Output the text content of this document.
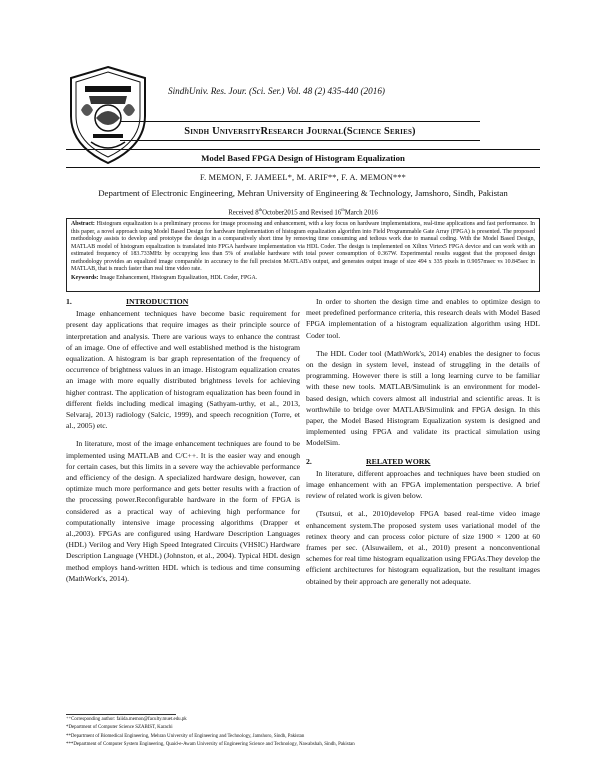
SindhUniv. Res. Jour. (Sci. Ser.) Vol. 48 (2) 435-440 (2016)
Sindh UniversityResearch Journal(Science Series)
Model Based FPGA Design of Histogram Equalization
F. MEMON, F. JAMEEL*, M. ARIF**, F. A. MEMON***
Department of Electronic Engineering, Mehran University of Engineering & Technology, Jamshoro, Sindh, Pakistan
Received 8thOctober2015 and Revised 16thMarch 2016
Abstract: Histogram equalization is a preliminary process for image processing and enhancement, with a key focus on hardware implementations, real-time applications and fast performance. In this paper, a novel approach using Model Based Design for hardware implementation of histogram equalization algorithm into Field Programmable Gate Array (FPGA) is presented. The proposed methodology assists to develop and prototype the design in a comparatively short time by removing time consuming and tedious work due to manual coding. With the Model Based Design, MATLAB model of histogram equalization is translated into FPGA hardware implementation via HDL Coder. The design is implemented on Xilinx Virtex5 FPGA device and can work with an estimated frequency of 183.733MHz by occupying less than 5% of available hardware with total power consumption of 0.367W. Experimental results suggest that the proposed design methodology provides an equalized image comparable in accuracy to the full precision MATLAB's output, and generates output image of size 494 x 335 pixels in 0.9057msec vs 10.845sec in MATLAB, that is much faster than real time video rate.
Keywords: Image Enhancement, Histogram Equalization, HDL Coder, FPGA.
1.	INTRODUCTION

Image enhancement techniques have become basic requirement for present day applications that require images as their principle source of interpretation and analysis. There are various ways to enhance the contrast of an image. One of effective and well established method is the histogram equalization. A histogram is bar graph representation of the frequency of occurrence of brightness values in an image. Histogram equalization creates an image with more equally distributed brightness levels for achieving higher contrast. The application of histogram equalization has been found in different fields including medical imaging (Sathyam-urthy, et al., 2013, Selvaraj, 2013) radiology (Salcic, 1999), and speech recognition (Torre, et al., 2005) etc.

In literature, most of the image enhancement techniques are found to be implemented using MATLAB and C/C++. It is the easier way and enough for certain cases, but this limits in a severe way the achievable performance and efficiency of the design. A specialized hardware design, however, can optimize much more performance and gets better results with a fraction of the processing power.Reconfigurable hardware in the form of FPGA is considered as a practical way of achieving high performance for computationally intensive image processing algorithms (Drapper et al.,2003). FPGAs are configured using Hardware Description Languages (HDL) Verilog and Very High Speed Integrated Circuits (VHSIC) Hardware Description Language (VHDL) (Johnston, et al., 2004). Typical HDL design method employs hand-written HDL which is tedious and time consuming (MathWork's, 2014).

In order to shorten the design time and enables to optimize design to meet predefined performance criteria, this research deals with Model Based FPGA implementation of a histogram equalization algorithm using HDL Coder tool.

The HDL Coder tool (MathWork's, 2014) enables the designer to focus on the design in system level, instead of struggling in the details of programming. However there is still a long learning curve to be familiar with these new tools. MATLAB/Simulink is an environment for model-based design, which covers almost all industrial and scientific areas. It is worthwhile to bridge over MATLAB/Simulink and FPGA design. In this paper, the Model Based Histogram Equalization system is designed and implemented using FPGA and validate its practical simulation using ModelSim.

2.	RELATED WORK

In literature, different approaches and techniques have been studied on image enhancement with an FPGA implementation perspective. A brief review of related work is given below.

(Tsutsui, et al., 2010)develop FPGA based real-time video image enhancement system.The proposed system uses variational model of the retinex theory and can process color picture of size 1900 × 1200 at 60 frames per sec. (Alsuwailem, et al., 2010) present a nonconventional schemes for real time histogram equalization using FPGAs.They develop the efficient architectures for histogram equalization, but the resultant images obtained by their approach are generally not adequate.

⁺⁺Corresponding author: faiida.memon@faculty.muet.edu.pk
*Department of Computer Science SZABIST, Karachi
**Department of Biomedical Engineering, Mehran University of Engineering and Technology, Jamshoro, Sindh, Pakistan
***Department of Computer System Engineering, Quaid-e-Awam University of Engineering Science and Technology, Nawabshah, Sindh, Pakistan
